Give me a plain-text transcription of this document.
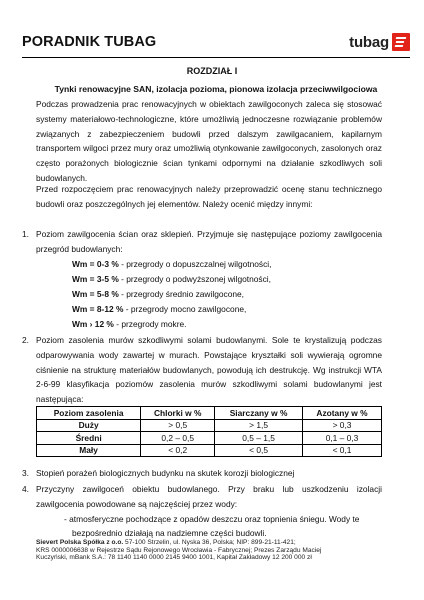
PORADNIK TUBAG	tubag
ROZDZIAŁ I
Tynki renowacyjne SAN, izolacja pozioma, pionowa izolacja przeciwwilgociowa
Podczas prowadzenia prac renowacyjnych w obiektach zawilgoconych zaleca się stosować systemy materiałowo-technologiczne, które umożliwią jednoczesne rozwiązanie problemów związanych z zabezpieczeniem budowli przed dalszym zawilgacaniem, kapilarnym transportem wilgoci przez mury oraz umożliwią otynkowanie zawilgoconych, zasolonych oraz często porażonych biologicznie ścian tynkami odpornymi na działanie szkodliwych soli budowlanych.
Przed rozpoczęciem prac renowacyjnych należy przeprowadzić ocenę stanu technicznego budowli oraz poszczególnych jej elementów. Należy ocenić między innymi:
1. Poziom zawilgocenia ścian oraz sklepień. Przyjmuje się następujące poziomy zawilgocenia przegród budowlanych:
Wm = 0-3 % - przegrody o dopuszczalnej wilgotności,
Wm = 3-5 % - przegrody o podwyższonej wilgotności,
Wm = 5-8 % - przegrody średnio zawilgocone,
Wm = 8-12 % - przegrody mocno zawilgocone,
Wm › 12 % - przegrody mokre.
2. Poziom zasolenia murów szkodliwymi solami budowlanymi. Sole te krystalizują podczas odparowywania wody zawartej w murach. Powstające kryształki soli wywierają ogromne ciśnienie na strukturę materiałów budowlanych, powodują ich destrukcję. Wg instrukcji WTA 2-6-99 klasyfikacja poziomów zasolenia murów szkodliwymi solami budowlanymi jest następująca:
Poziom zasolenia	Chlorki w %	Siarczany w %	Azotany w %
Duży	> 0,5	> 1,5	> 0,3
Średni	0,2 – 0,5	0,5 – 1,5	0,1 – 0,3
Mały	< 0,2	< 0,5	< 0,1
3. Stopień porażeń biologicznych budynku na skutek korozji biologicznej
4. Przyczyny zawilgoceń obiektu budowlanego. Przy braku lub uszkodzeniu izolacji zawilgocenia powodowane są najczęściej przez wody:
- atmosferyczne pochodzące z opadów deszczu oraz topnienia śniegu. Wody te
bezpośrednio działają na nadziemne części budowli.
Sievert Polska Spółka z o.o. 57-100 Strzelin, ul. Nyska 36, Polska; NIP: 899-21-11-421;
KRS 0000006638 w Rejestrze Sądu Rejonowego Wrocławia - Fabrycznej; Prezes Zarządu Maciej
Kuczyński, mBank S.A.: 78 1140 1140 0000 2145 9400 1001, Kapitał Zakładowy 12 200 000 zł
